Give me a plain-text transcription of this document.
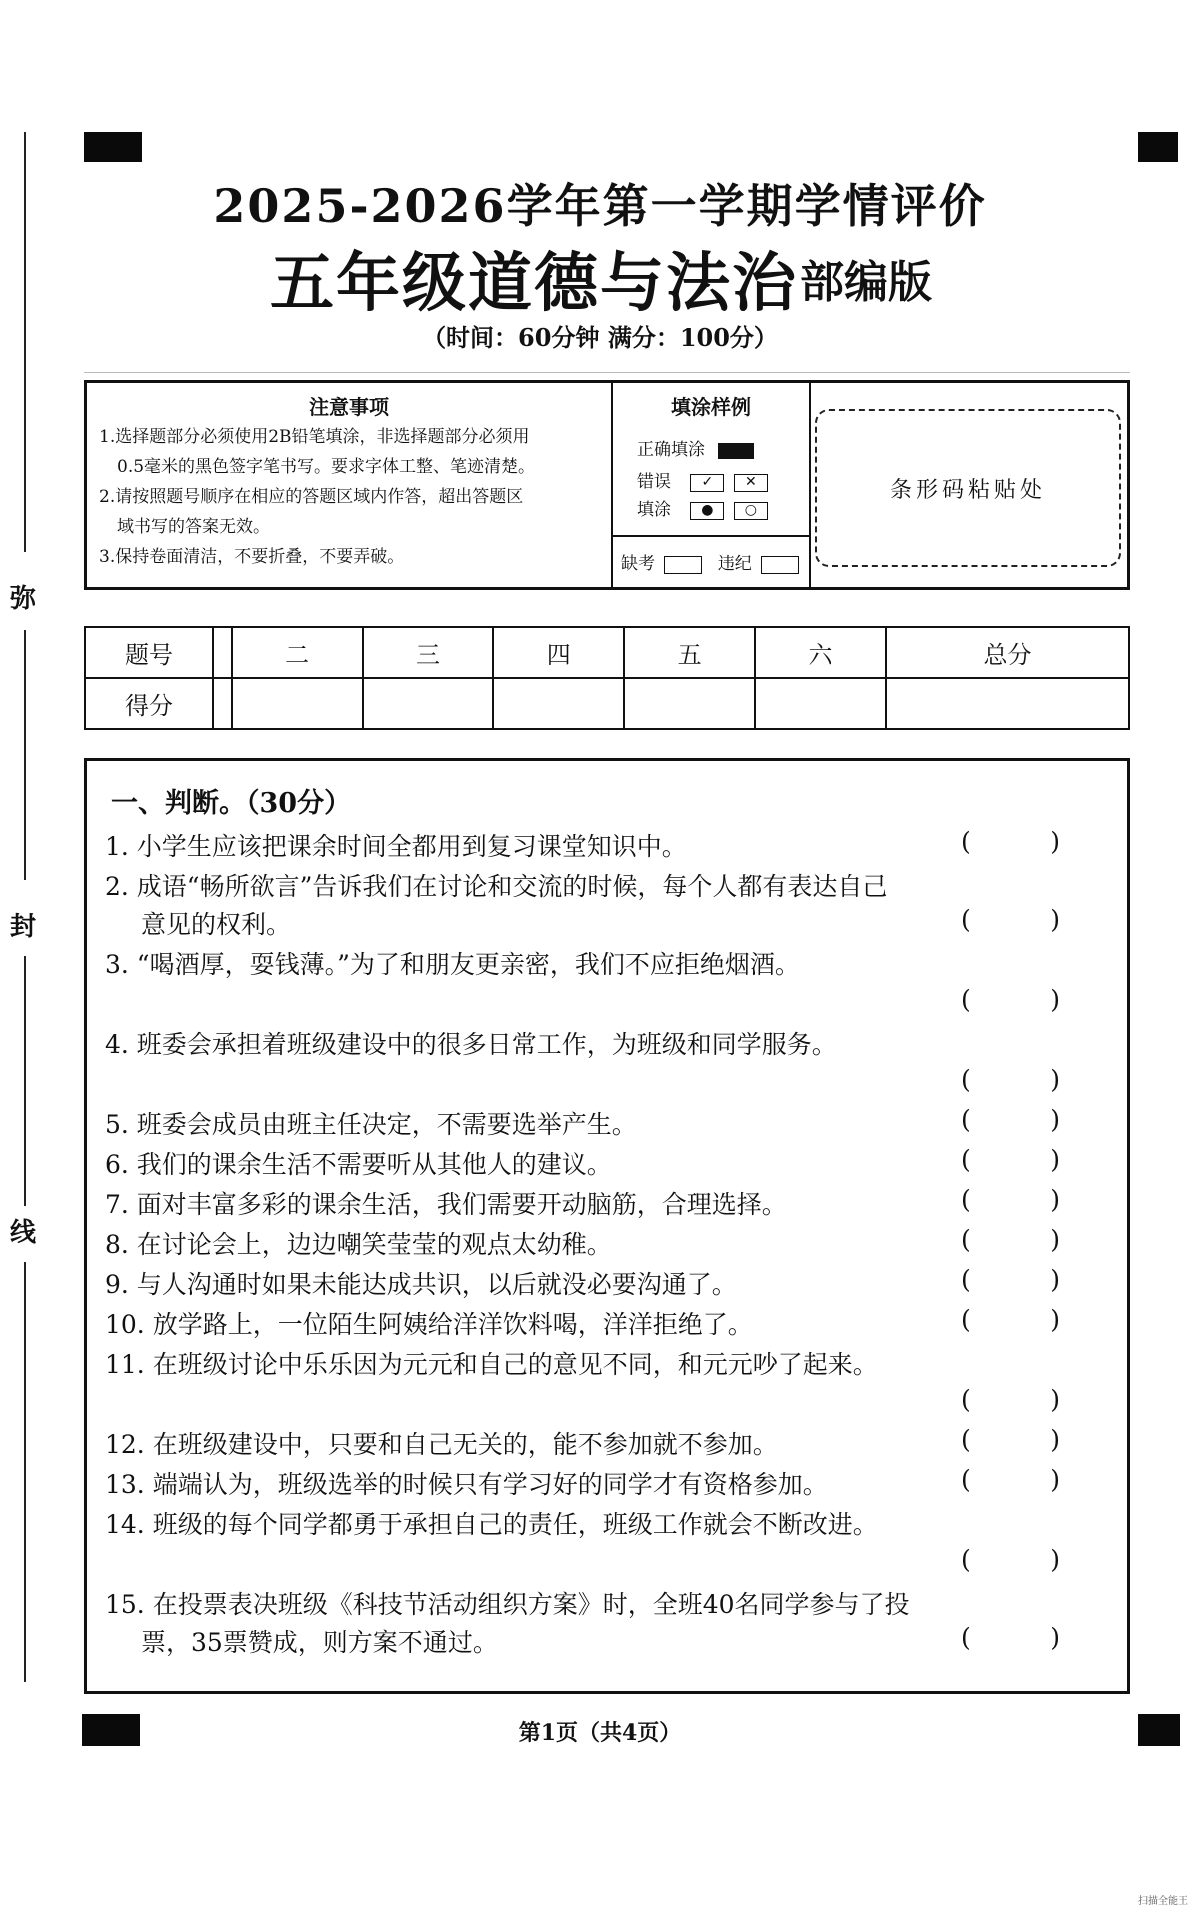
弥
封
线
2025-2026学年第一学期学情评价
五年级道德与法治 部编版
（时间：60分钟 满分：100分）
注意事项

1.选择题部分必须使用2B铅笔填涂，非选择题部分必须用

0.5毫米的黑色签字笔书写。要求字体工整、笔迹清楚。

2.请按照题号顺序在相应的答题区域内作答，超出答题区

域书写的答案无效。

3.保持卷面清洁，不要折叠，不要弄破。

填涂样例
正确填涂
错误 ✓ ✕
填涂 ● ○
缺考	违纪
条形码粘贴处
题号		二	三	四	五	六	总分
得分							
一、判断。（30分）
1. 小学生应该把课余时间全都用到复习课堂知识中。	(          )
2. 成语“畅所欲言”告诉我们在讨论和交流的时候，每个人都有表达自己
意见的权利。	(          )
3. “喝酒厚，耍钱薄。”为了和朋友更亲密，我们不应拒绝烟酒。
(          )
4. 班委会承担着班级建设中的很多日常工作，为班级和同学服务。
(          )
5. 班委会成员由班主任决定，不需要选举产生。	(          )
6. 我们的课余生活不需要听从其他人的建议。	(          )
7. 面对丰富多彩的课余生活，我们需要开动脑筋，合理选择。	(          )
8. 在讨论会上，边边嘲笑莹莹的观点太幼稚。	(          )
9. 与人沟通时如果未能达成共识，以后就没必要沟通了。	(          )
10. 放学路上，一位陌生阿姨给洋洋饮料喝，洋洋拒绝了。	(          )
11. 在班级讨论中乐乐因为元元和自己的意见不同，和元元吵了起来。
(          )
12. 在班级建设中，只要和自己无关的，能不参加就不参加。	(          )
13. 端端认为，班级选举的时候只有学习好的同学才有资格参加。	(          )
14. 班级的每个同学都勇于承担自己的责任，班级工作就会不断改进。
(          )
15. 在投票表决班级《科技节活动组织方案》时，全班40名同学参与了投
票，35票赞成，则方案不通过。	(          )
第1页（共4页）
扫描全能王
